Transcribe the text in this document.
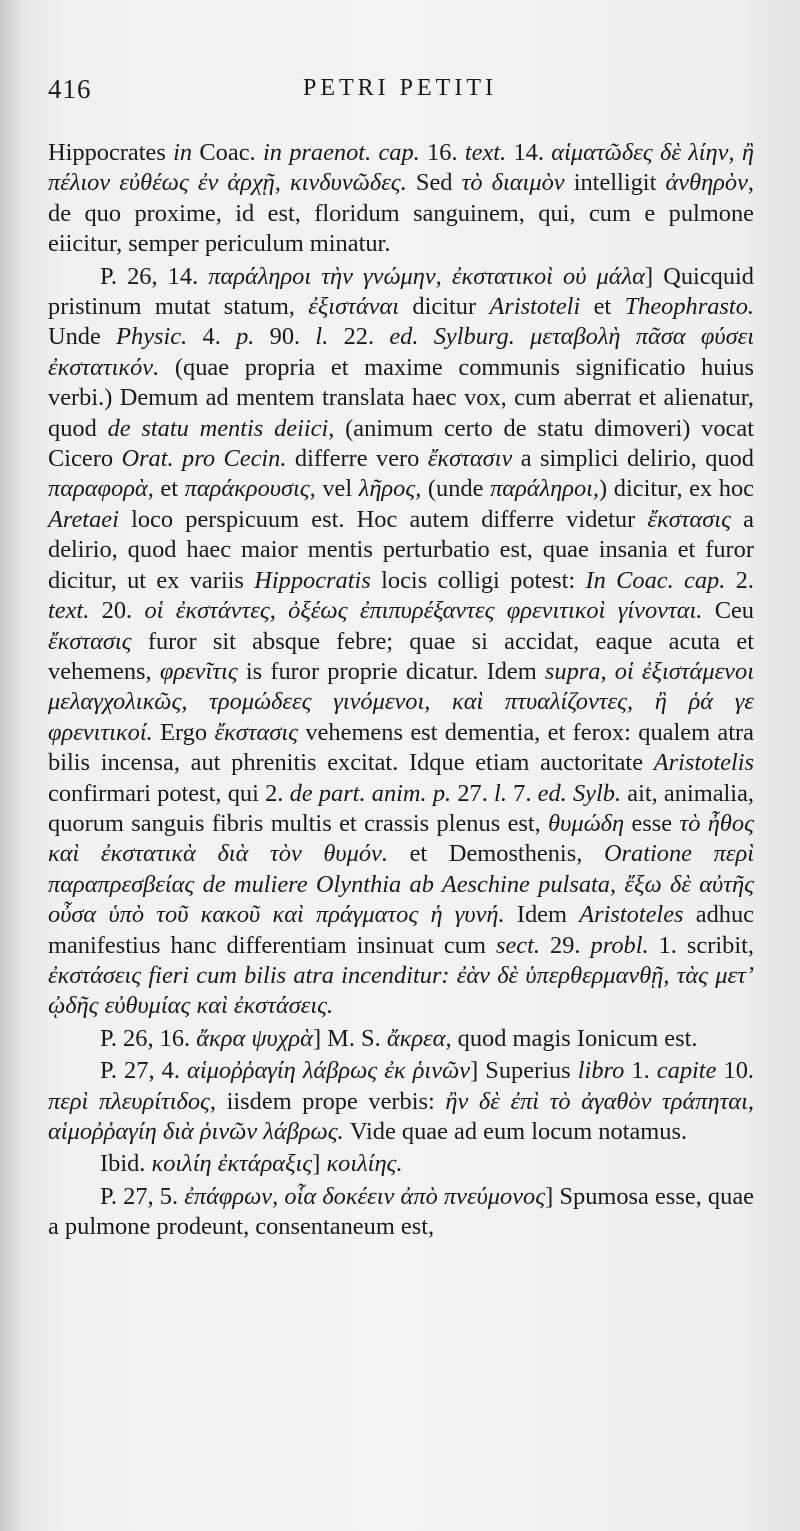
416	PETRI PETITI

Hippocrates in Coac. in praenot. cap. 16. text. 14. αἱματῶδες δὲ λίην, ἢ πέλιον εὐθέως ἐν ἀρχῇ, κινδυνῶδες. Sed τὸ διαιμὸν intelligit ἀνθηρὸν, de quo proxime, id est, floridum sanguinem, qui, cum e pulmone eiicitur, semper periculum minatur.

P. 26, 14. παράληροι τὴν γνώμην, ἐκστατικοὶ οὐ μάλα] Quicquid pristinum mutat statum, ἐξιστάναι dicitur Aristoteli et Theophrasto. Unde Physic. 4. p. 90. l. 22. ed. Sylburg. μεταβολὴ πᾶσα φύσει ἐκστατικόν. (quae propria et maxime communis significatio huius verbi.) Demum ad mentem translata haec vox, cum aberrat et alienatur, quod de statu mentis deiici, (animum certo de statu dimoveri) vocat Cicero Orat. pro Cecin. differre vero ἔκστασιν a simplici delirio, quod παραφορὰ, et παράκρουσις, vel λῆρος, (unde παράληροι,) dicitur, ex hoc Aretaei loco perspicuum est. Hoc autem differre videtur ἔκστασις a delirio, quod haec maior mentis perturbatio est, quae insania et furor dicitur, ut ex variis Hippocratis locis colligi potest: In Coac. cap. 2. text. 20. οἱ ἐκστάντες, ὀξέως ἐπιπυρέξαντες φρενιτικοὶ γίνονται. Ceu ἔκστασις furor sit absque febre; quae si accidat, eaque acuta et vehemens, φρενῖτις is furor proprie dicatur. Idem supra, οἱ ἐξιστάμενοι μελαγχολικῶς, τρομώδεες γινόμενοι, καὶ πτυαλίζοντες, ἢ ῥά γε φρενιτικοί. Ergo ἔκστασις vehemens est dementia, et ferox: qualem atra bilis incensa, aut phrenitis excitat. Idque etiam auctoritate Aristotelis confirmari potest, qui 2. de part. anim. p. 27. l. 7. ed. Sylb. ait, animalia, quorum sanguis fibris multis et crassis plenus est, θυμώδη esse τὸ ἦθος καὶ ἐκστατικὰ διὰ τὸν θυμόν. et Demosthenis, Oratione περὶ παραπρεσβείας de muliere Olynthia ab Aeschine pulsata, ἔξω δὲ αὐτῆς οὖσα ὑπὸ τοῦ κακοῦ καὶ πράγματος ἡ γυνή. Idem Aristoteles adhuc manifestius hanc differentiam insinuat cum sect. 29. probl. 1. scribit, ἐκστάσεις fieri cum bilis atra incenditur: ἐὰν δὲ ὑπερθερμανθῇ, τὰς μετ’ ᾠδῆς εὐθυμίας καὶ ἐκστάσεις.

P. 26, 16. ἄκρα ψυχρὰ] M. S. ἄκρεα, quod magis Ionicum est.

P. 27, 4. αἱμοῤῥαγίη λάβρως ἐκ ῥινῶν] Superius libro 1. capite 10. περὶ πλευρίτιδος, iisdem prope verbis: ἢν δὲ ἐπὶ τὸ ἀγαθὸν τράπηται, αἱμοῤῥαγίη διὰ ῥινῶν λάβρως. Vide quae ad eum locum notamus.

Ibid. κοιλίη ἐκτάραξις] κοιλίης.

P. 27, 5. ἐπάφρων, οἷα δοκέειν ἀπὸ πνεύμονος] Spumosa esse, quae a pulmone prodeunt, consentaneum est,
